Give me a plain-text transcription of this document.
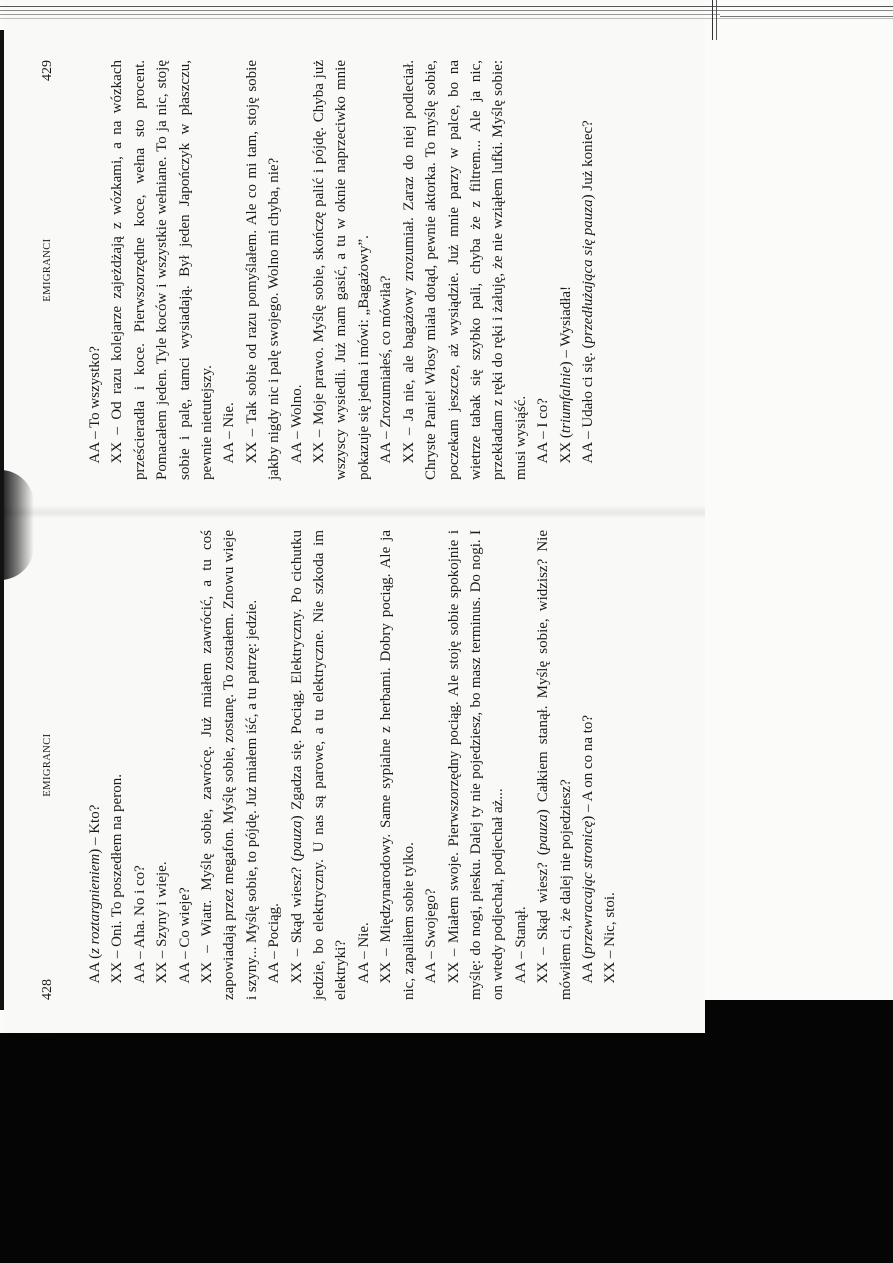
428
EMIGRANCI

AA (z roztargnieniem) – Kto? XX – Oni. To poszedłem na peron. AA – Aha. No i co? XX – Szyny i wieje. AA – Co wieje? XX – Wiatr. Myślę sobie, zawrócę. Już miałem zawrócić, a tu coś zapowiadają przez megafon. Myślę sobie, zostanę. To zostałem. Znowu wieje i szyny... Myślę sobie, to pójdę. Już miałem iść, a tu patrzę: jedzie. AA – Pociąg. XX – Skąd wiesz? (pauza) Zgadza się. Pociąg. Elektryczny. Po cichutku jedzie, bo elektryczny. U nas są parowe, a tu elektryczne. Nie szkoda im elektryki? AA – Nie. XX – Międzynarodowy. Same sypialne z herbami. Dobry pociąg. Ale ja nic, zapaliłem sobie tylko. AA – Swojego? XX – Miałem swoje. Pierwszorzędny pociąg. Ale stoję sobie spokojnie i myślę: do nogi, piesku. Dalej ty nie pojedziesz, bo masz terminus. Do nogi. I on wtedy podjechał, podjechał aż... AA – Stanął. XX – Skąd wiesz? (pauza) Całkiem stanął. Myślę sobie, widzisz? Nie mówiłem ci, że dalej nie pojedziesz? AA (przewracając stronicę) – A on co na to?

XX – Nic, stoi.

EMIGRANCI
429

AA – To wszystko? XX – Od razu kolejarze zajeżdżają z wózkami, a na wózkach prześcieradła i koce. Pierwszorzędne koce, wełna sto procent. Pomacałem jeden. Tyle koców i wszystkie wełniane. To ja nic, stoję sobie i palę, tamci wysiadają. Był jeden Japończyk w płaszczu, pewnie nietutejszy. AA – Nie. XX – Tak sobie od razu pomyślałem. Ale co mi tam, stoję sobie jakby nigdy nic i palę swojego. Wolno mi chyba, nie? AA – Wolno. XX – Moje prawo. Myślę sobie, skończę palić i pójdę. Chyba już wszyscy wysiedli. Już mam gasić, a tu w oknie naprzeciwko mnie pokazuje się jedna i mówi: „Bagażowy”. AA – Zrozumiałeś, co mówiła? XX – Ja nie, ale bagażowy zrozumiał. Zaraz do niej podleciał. Chryste Panie! Włosy miała dotąd, pewnie aktorka. To myślę sobie, poczekam jeszcze, aż wysiądzie. Już mnie parzy w palce, bo na wietrze tabak się szybko pali, chyba że z filtrem... Ale ja nic, przekładam z ręki do ręki i żałuję, że nie wziąłem lufki. Myślę sobie: musi wysiąść. AA – I co? XX (triumfalnie) – Wysiadła!

AA – Udało ci się. (przedłużająca się pauza) Już koniec?
